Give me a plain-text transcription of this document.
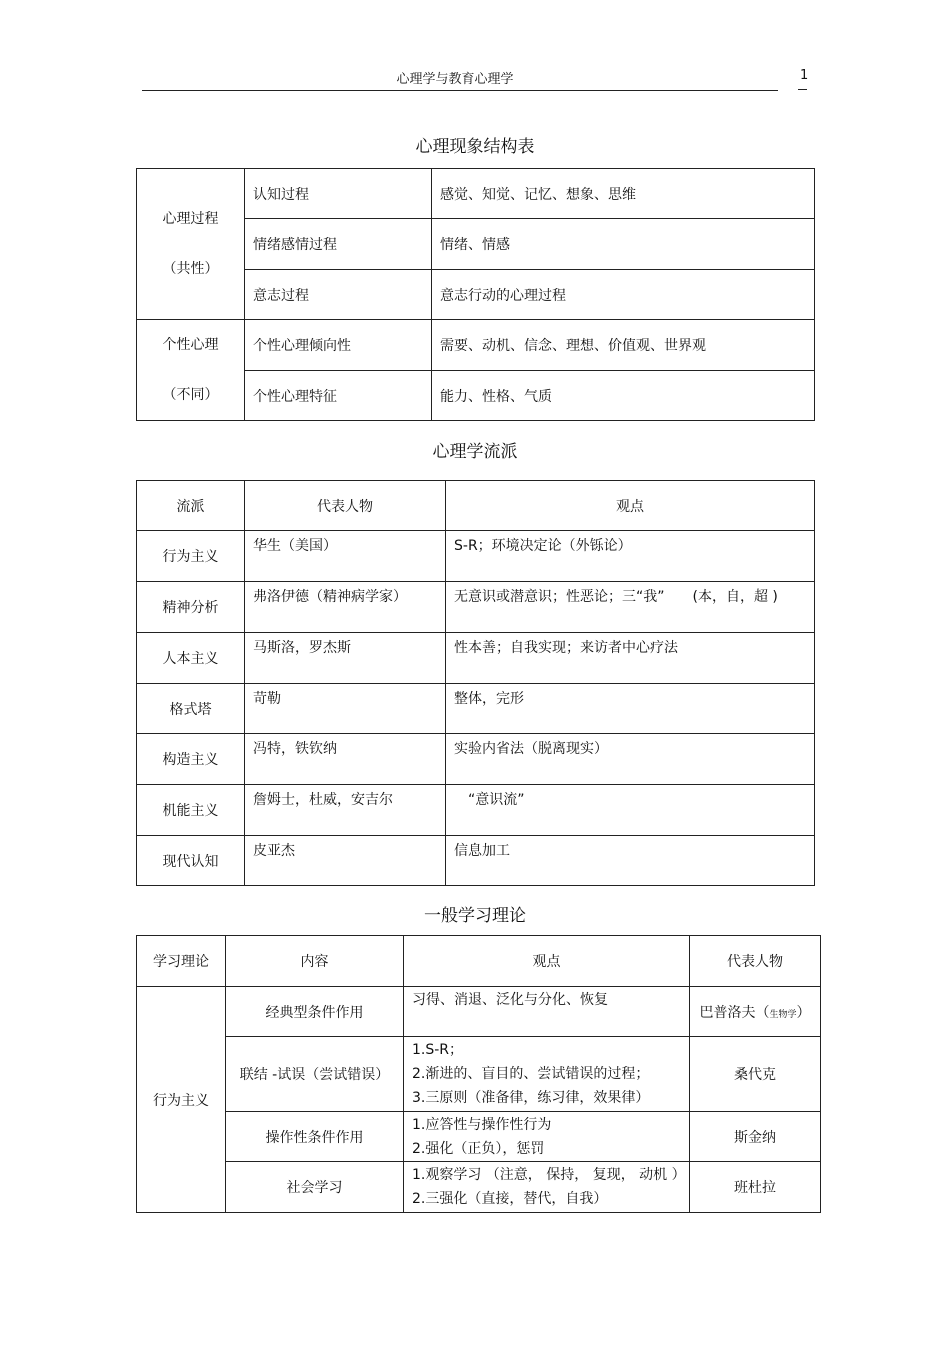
心理学与教育心理学	1
心理现象结构表
心理过程
（共性）	认知过程	感觉、知觉、记忆、想象、思维
	情绪感情过程	情绪、情感
	意志过程	意志行动的心理过程

个性心理
（不同）	个性心理倾向性	需要、动机、信念、理想、价值观、世界观
	个性心理特征	能力、性格、气质
心理学流派
流派	代表人物	观点
行为主义	华生（美国）	S-R；环境决定论（外铄论）
精神分析	弗洛伊德（精神病学家）	无意识或潜意识；性恶论；三“我”　　(本，自，超 )
人本主义	马斯洛，罗杰斯	性本善；自我实现；来访者中心疗法
格式塔	苛勒	整体，完形
构造主义	冯特，铁钦纳	实验内省法（脱离现实）
机能主义	詹姆士，杜威，安吉尔	　“意识流”
现代认知	皮亚杰	信息加工
一般学习理论
学习理论	内容	观点	代表人物
行为主义	经典型条件作用	习得、消退、泛化与分化、恢复	巴普洛夫（生物学）
	联结 -试误（尝试错误）	1.S-R；
2.渐进的、盲目的、尝试错误的过程；
3.三原则（准备律，练习律，效果律）	桑代克
	操作性条件作用	1.应答性与操作性行为
2.强化（正负），惩罚	斯金纳
	社会学习	1.观察学习 （注意， 保持， 复现， 动机 ）
2.三强化（直接，替代，自我）	班杜拉
